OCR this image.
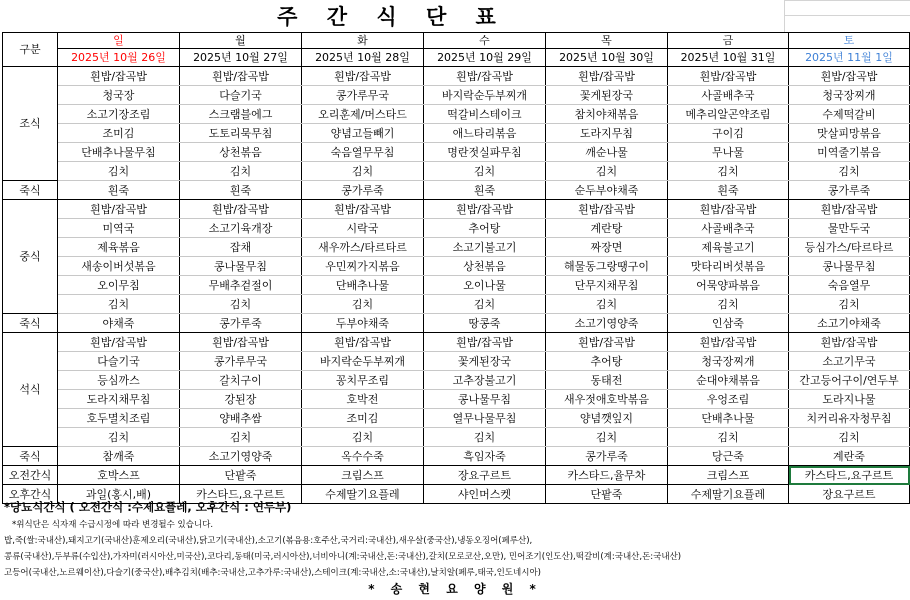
주 간 식 단 표
구분	일	월	화	수	목	금	토
	2025년 10월 26일	2025년 10월 27일	2025년 10월 28일	2025년 10월 29일	2025년 10월 30일	2025년 10월 31일	2025년 11월 1일
조식	흰밥/잡곡밥	흰밥/잡곡밥	흰밥/잡곡밥	흰밥/잡곡밥	흰밥/잡곡밥	흰밥/잡곡밥	흰밥/잡곡밥
	청국장	다슬기국	콩가루무국	바지락순두부찌개	꽃게된장국	사골배추국	청국장찌개
	소고기장조림	스크램블에그	오리훈제/머스타드	떡갈비스테이크	참치야채볶음	메추리알곤약조림	수제떡갈비
	조미김	도토리묵무침	양념고들빼기	애느타리볶음	도라지무침	구이김	맛살피망볶음
	단배추나물무침	상천볶음	숙음열무무침	명란젓실파무침	깨순나물	무나물	미역줄기볶음
	김치	김치	김치	김치	김치	김치	김치
죽식	흰죽	흰죽	콩가루죽	흰죽	순두부야채죽	흰죽	콩가루죽
중식	흰밥/잡곡밥	흰밥/잡곡밥	흰밥/잡곡밥	흰밥/잡곡밥	흰밥/잡곡밥	흰밥/잡곡밥	흰밥/잡곡밥
	미역국	소고기육개장	시락국	추어탕	계란탕	사골배추국	물만두국
	제육볶음	잡채	새우까스/타르타르	소고기불고기	짜장면	제육불고기	등심가스/타르타르
	새송이버섯볶음	콩나물무침	우민찌가지볶음	상천볶음	해물동그랑땡구이	맛타리버섯볶음	콩나물무침
	오이무침	무배추겉절이	단배추나물	오이나물	단무지채무침	어묵양파볶음	숙음열무
	김치	김치	김치	김치	김치	김치	김치
죽식	야채죽	콩가루죽	두부야채죽	땅콩죽	소고기영양죽	인삼죽	소고기야채죽
석식	흰밥/잡곡밥	흰밥/잡곡밥	흰밥/잡곡밥	흰밥/잡곡밥	흰밥/잡곡밥	흰밥/잡곡밥	흰밥/잡곡밥
	다슬기국	콩가루무국	바지락순두부찌개	꽃게된장국	추어탕	청국장찌개	소고기무국
	등심까스	갈치구이	꽁치무조림	고추장불고기	동태전	순대야채볶음	간고등어구이/연두부
	도라지채무침	강된장	호박전	콩나물무침	새우젓애호박볶음	우엉조림	도라지나물
	호두멸치조림	양배추쌈	조미김	열무나물무침	양념깻잎지	단배추나물	치커리유자청무침
	김치	김치	김치	김치	김치	김치	김치
죽식	참깨죽	소고기영양죽	옥수수죽	흑임자죽	콩가루죽	당근죽	계란죽
오전간식	호박스프	단팥죽	크림스프	장요구르트	카스타드,율무차	크림스프	카스타드,요구르트
오후간식	과일(홍시,배)	카스타드,요구르트	수제딸기요플레	샤인머스켓	단팥죽	수제딸기요플레	장요구르트
*당뇨식간식 ( 오전간식 :수제요플레, 오후간식 : 연두부)
*위식단은 식자재 수급시정에 따라 변경될수 있습니다.
밥,죽(쌀:국내산),돼지고기(국내산)훈제오리(국내산),닭고기(국내산),소고기(볶음용:호주산,국거리:국내산),새우살(중국산),냉동오징어(페루산),
콩류(국내산),두부류(수입산),가자미(러시아산,미국산),코다리,동태(미국,러시아산),너비아니(계:국내산,돈:국내산),갈치(모로코산,오만), 민어조기(인도산),떡갈비(계:국내산,돈:국내산)
고등어(국내산,노르웨이산),다슬기(중국산),배추김치(배추:국내산,고추가루:국내산),스테이크(계:국내산,소:국내산),날치알(페루,태국,인도네시아)
* 송 현 요 양 원 *
